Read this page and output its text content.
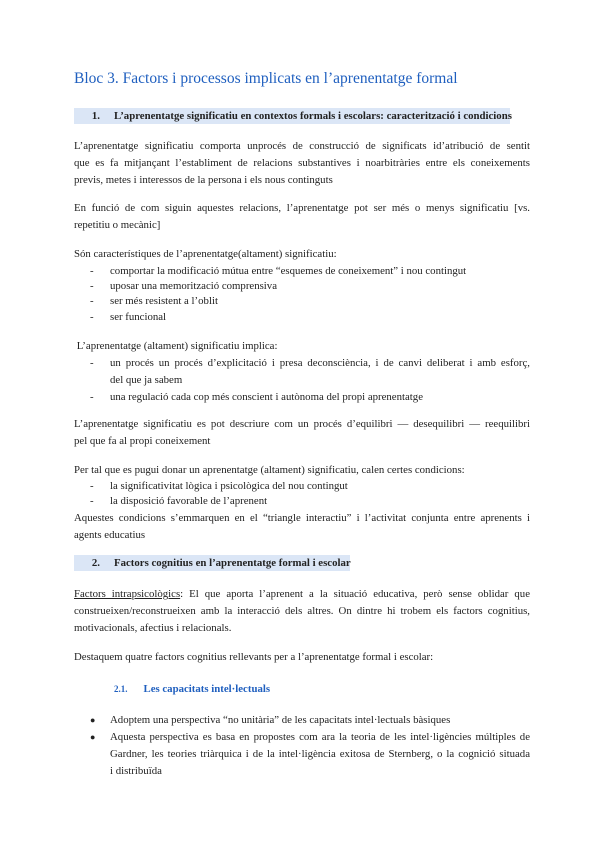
Bloc 3. Factors i processos implicats en l’aprenentatge formal
1. L’aprenentatge significatiu en contextos formals i escolars: caracterització i condicions
L’aprenentatge significatiu comporta unprocés de construcció de significats id’atribució de sentit
que es fa mitjançant l’establiment de relacions substantives i noarbitràries entre els coneixements
previs, metes i interessos de la persona i els nous continguts
En funció de com siguin aquestes relacions, l’aprenentatge pot ser més o menys significatiu [vs.
repetitiu o mecànic]
Són característiques de l’aprenentatge(altament) significatiu:
- comportar la modificació mútua entre “esquemes de coneixement” i nou contingut
- uposar una memorització comprensiva
- ser més resistent a l’oblit
- ser funcional
L’aprenentatge (altament) significatiu implica:
- un procés un procés d’explicitació i presa deconsciència, i de canvi deliberat i amb esforç,
del que ja sabem
- una regulació cada cop més conscient i autònoma del propi aprenentatge
L’aprenentatge significatiu es pot descriure com un procés d’equilibri — desequilibri — reequilibri
pel que fa al propi coneixement
Per tal que es pugui donar un aprenentatge (altament) significatiu, calen certes condicions:
- la significativitat lògica i psicològica del nou contingut
- la disposició favorable de l’aprenent
Aquestes condicions s’emmarquen en el “triangle interactiu” i l’activitat conjunta entre aprenents i
agents educatius
2. Factors cognitius en l’aprenentatge formal i escolar
Factors intrapsicològics: El que aporta l’aprenent a la situació educativa, però sense oblidar que
construeixen/reconstrueixen amb la interacció dels altres. On dintre hi trobem els factors cognitius,
motivacionals, afectius i relacionals.
Destaquem quatre factors cognitius rellevants per a l’aprenentatge formal i escolar:
2.1. Les capacitats intel·lectuals
● Adoptem una perspectiva “no unitària” de les capacitats intel·lectuals bàsiques
● Aquesta perspectiva es basa en propostes com ara la teoria de les intel·ligències múltiples de
Gardner, les teories triàrquica i de la intel·ligència exitosa de Sternberg, o la cognició situada
i distribuïda
